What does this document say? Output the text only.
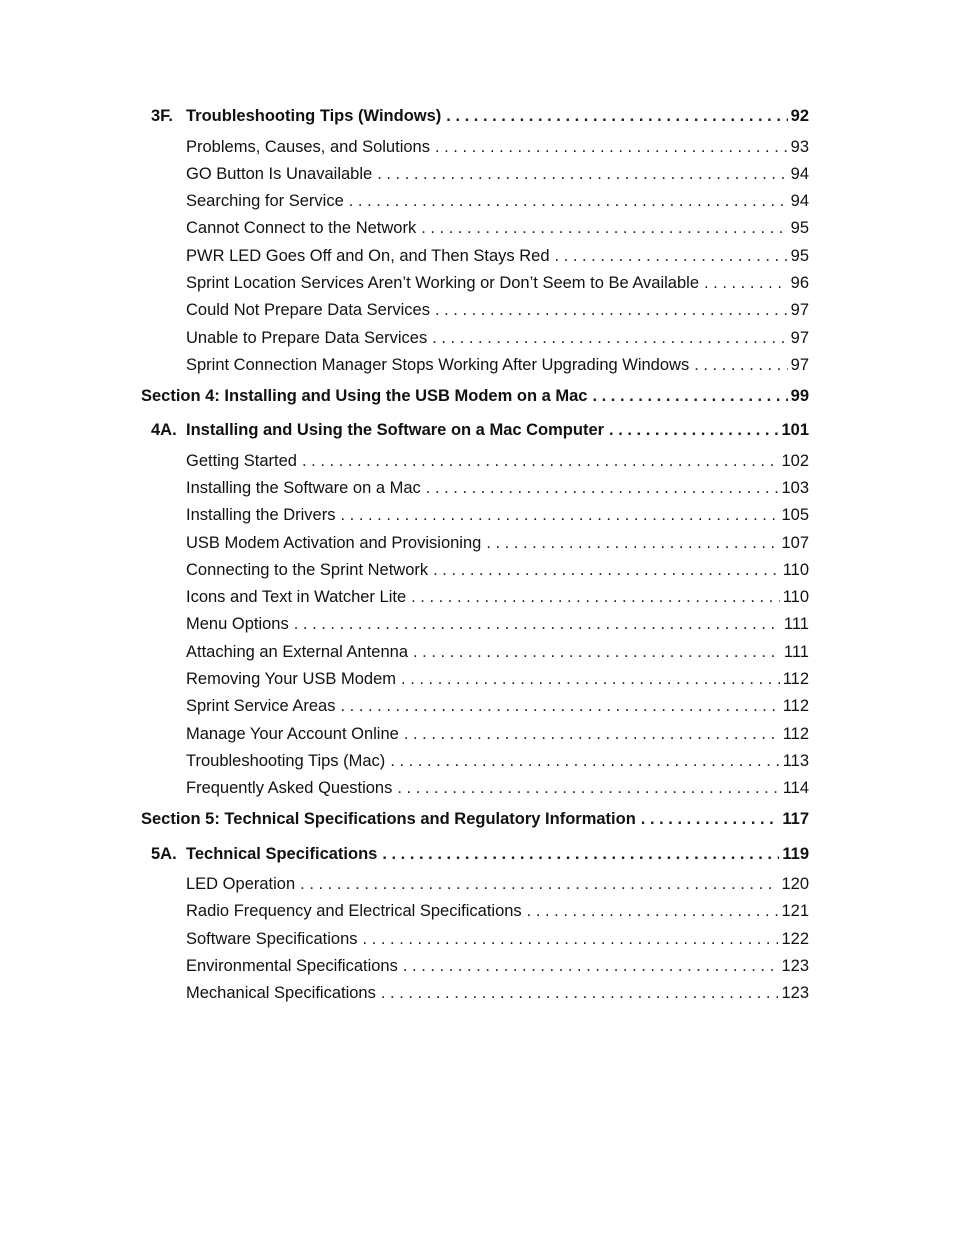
3F. Troubleshooting Tips (Windows) . . .	92
Problems, Causes, and Solutions . . .	93
GO Button Is Unavailable . . .	94
Searching for Service . . .	94
Cannot Connect to the Network . . .	95
PWR LED Goes Off and On, and Then Stays Red . . .	95
Sprint Location Services Aren’t Working or Don’t Seem to Be Available . . .	96
Could Not Prepare Data Services . . .	97
Unable to Prepare Data Services . . .	97
Sprint Connection Manager Stops Working After Upgrading Windows . . .	97
Section 4: Installing and Using the USB Modem on a Mac . . .	99
4A. Installing and Using the Software on a Mac Computer . . .	101
Getting Started . . .	102
Installing the Software on a Mac . . .	103
Installing the Drivers . . .	105
USB Modem Activation and Provisioning . . .	107
Connecting to the Sprint Network . . .	110
Icons and Text in Watcher Lite . . .	110
Menu Options . . .	111
Attaching an External Antenna . . .	111
Removing Your USB Modem . . .	112
Sprint Service Areas . . .	112
Manage Your Account Online . . .	112
Troubleshooting Tips (Mac) . . .	113
Frequently Asked Questions . . .	114
Section 5: Technical Specifications and Regulatory Information . . .	117
5A. Technical Specifications . . .	119
LED Operation . . .	120
Radio Frequency and Electrical Specifications . . .	121
Software Specifications . . .	122
Environmental Specifications . . .	123
Mechanical Specifications . . .	123
